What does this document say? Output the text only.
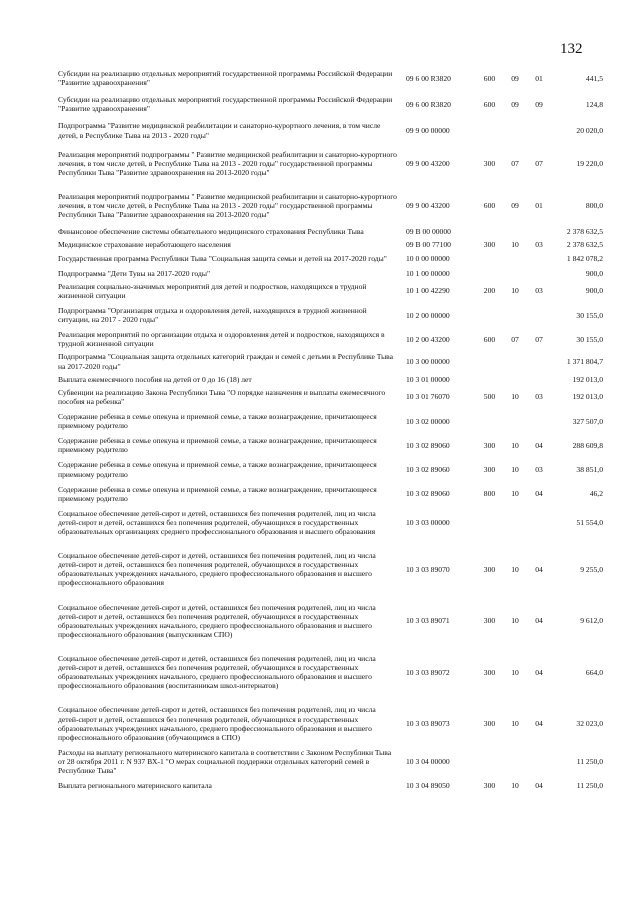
132
Субсидии на реализацию отдельных мероприятий государственной программы Российской Федерации "Развитие здравоохранения"	09 6 00 R3820	600	09	01	441,5
Субсидии на реализацию отдельных мероприятий государственной программы Российской Федерации "Развитие здравоохранения"	09 6 00 R3820	600	09	09	124,8
Подпрограмма "Развитие медицинской реабилитации и санаторно-курортного лечения, в том числе детей, в Республике Тыва на 2013 - 2020 годы"	09 9 00 00000				20 020,0
Реализация мероприятий подпрограммы " Развитие медицинской реабилитации и санаторно-курортного лечения, в том числе детей, в Республике Тыва на 2013 - 2020 годы" государственной программы Республики Тыва "Развитие здравоохранения на 2013-2020 годы"	09 9 00 43200	300	07	07	19 220,0
Реализация мероприятий подпрограммы " Развитие медицинской реабилитации и санаторно-курортного лечения, в том числе детей, в Республике Тыва на 2013 - 2020 годы" государственной программы Республики Тыва "Развитие здравоохранения на 2013-2020 годы"	09 9 00 43200	600	09	01	800,0
Финансовое обеспечение системы обязательного медицинского страхования Республики Тыва	09 В 00 00000				2 378 632,5
Медицинское страхование неработающего населения	09 В 00 77100	300	10	03	2 378 632,5
Государственная программа Республики Тыва "Социальная защита семьи и детей на 2017-2020 годы"	10 0 00 00000				1 842 078,2
Подпрограмма "Дети Тувы на 2017-2020 годы"	10 1 00 00000				900,0
Реализация социально-значимых мероприятий для детей и подростков, находящихся в трудной жизненной ситуации	10 1 00 42290	200	10	03	900,0
Подпрограмма "Организация отдыха и оздоровления детей, находящихся в трудной жизненной ситуации, на 2017 - 2020 годы"	10 2 00 00000				30 155,0
Реализация мероприятий по организации отдыха и оздоровления детей и подростков, находящихся в трудной жизненной ситуации	10 2 00 43200	600	07	07	30 155,0
Подпрограмма "Социальная защита отдельных категорий граждан и семей с детьми в Республике Тыва на 2017-2020 годы"	10 3 00 00000				1 371 804,7
Выплата ежемесячного пособия на детей от 0 до 16 (18) лет	10 3 01 00000				192 013,0
Субвенции на реализацию Закона Республики Тыва "О порядке назначения и выплаты ежемесячного пособия на ребенка"	10 3 01 76070	500	10	03	192 013,0
Содержание ребенка в семье опекуна и приемной семье, а также вознаграждение, причитающееся приемному родителю	10 3 02 00000				327 507,0
Содержание ребенка в семье опекуна и приемной семье, а также вознаграждение, причитающееся приемному родителю	10 3 02 89060	300	10	04	288 609,8
Содержание ребенка в семье опекуна и приемной семье, а также вознаграждение, причитающееся приемному родителю	10 3 02 89060	300	10	03	38 851,0
Содержание ребенка в семье опекуна и приемной семье, а также вознаграждение, причитающееся приемному родителю	10 3 02 89060	800	10	04	46,2
Социальное обеспечение детей-сирот и детей, оставшихся без попечения родителей, лиц из числа детей-сирот и детей, оставшихся без попечения родителей, обучающихся в государственных образовательных организациях среднего профессионального образования и высшего образования	10 3 03 00000				51 554,0
Социальное обеспечение детей-сирот и детей, оставшихся без попечения родителей, лиц из числа детей-сирот и детей, оставшихся без попечения родителей, обучающихся в государственных образовательных учреждениях начального, среднего профессионального образования и высшего профессионального образования	10 3 03 89070	300	10	04	9 255,0
Социальное обеспечение детей-сирот и детей, оставшихся без попечения родителей, лиц из числа детей-сирот и детей, оставшихся без попечения родителей, обучающихся в государственных образовательных учреждениях начального, среднего профессионального образования и высшего профессионального образования (выпускникам СПО)	10 3 03 89071	300	10	04	9 612,0
Социальное обеспечение детей-сирот и детей, оставшихся без попечения родителей, лиц из числа детей-сирот и детей, оставшихся без попечения родителей, обучающихся в государственных образовательных учреждениях начального, среднего профессионального образования и высшего профессионального образования (воспитанникам школ-интернатов)	10 3 03 89072	300	10	04	664,0
Социальное обеспечение детей-сирот и детей, оставшихся без попечения родителей, лиц из числа детей-сирот и детей, оставшихся без попечения родителей, обучающихся в государственных образовательных учреждениях начального, среднего профессионального образования и высшего профессионального образования (обучающимся в СПО)	10 3 03 89073	300	10	04	32 023,0
Расходы на выплату регионального материнского капитала в соответствии с Законом Республики Тыва от 28 октября 2011 г. N 937 ВХ-1 "О мерах социальной поддержки отдельных категорий семей в Республике Тыва"	10 3 04 00000				11 250,0
Выплата регионального материнского капитала	10 3 04 89050	300	10	04	11 250,0
